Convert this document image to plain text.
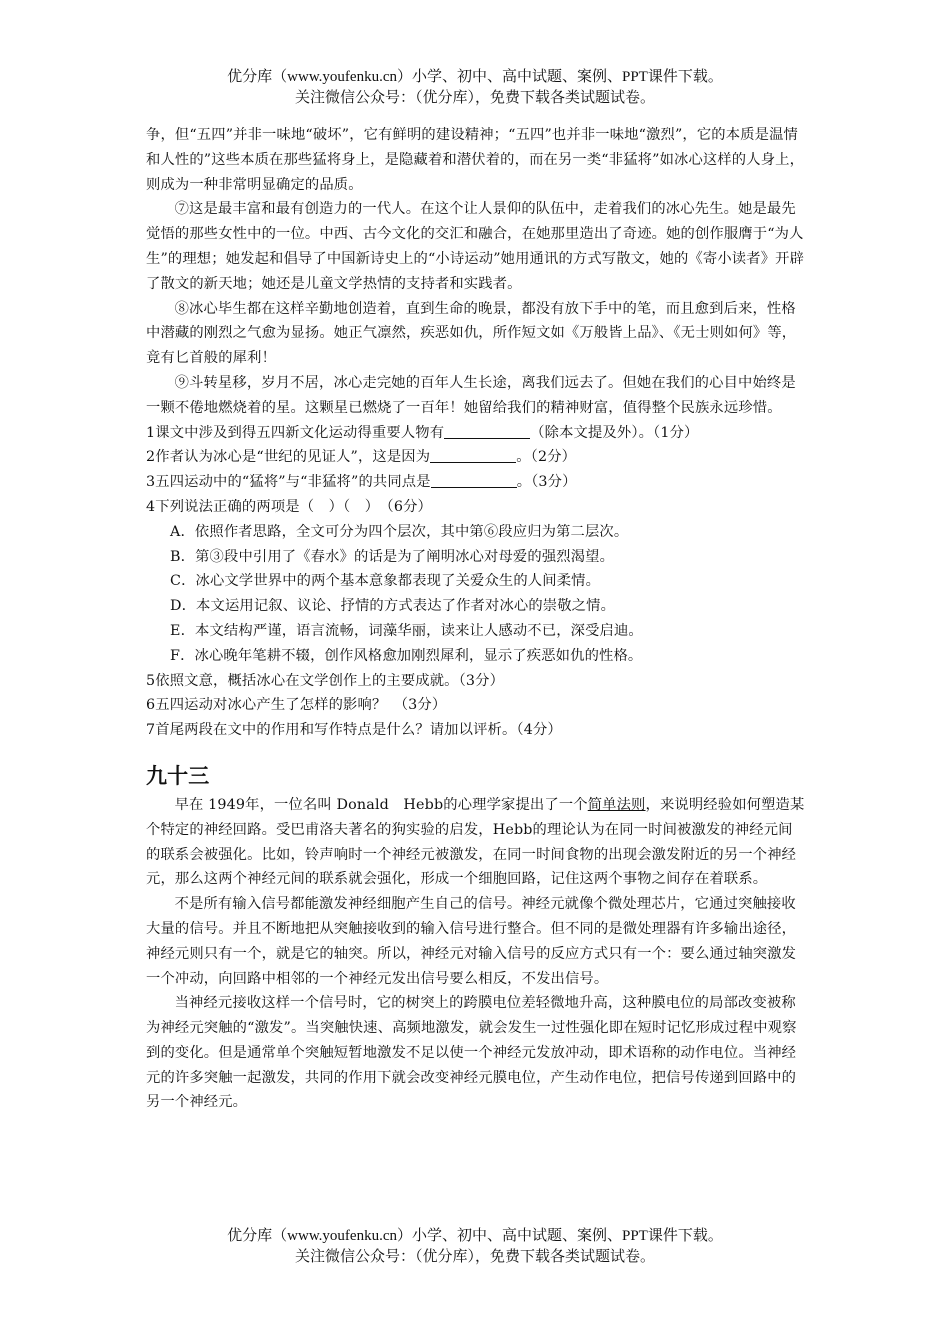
优分库（www.youfenku.cn）小学、初中、高中试题、案例、PPT课件下载。
关注微信公众号：（优分库），免费下载各类试题试卷。

争，但“五四”并非一味地“破坏”，它有鲜明的建设精神；“五四”也并非一味地“激烈”，它的本质是温情和人性的”这些本质在那些猛将身上，是隐藏着和潜伏着的，而在另一类“非猛将”如冰心这样的人身上，则成为一种非常明显确定的品质。

⑦这是最丰富和最有创造力的一代人。在这个让人景仰的队伍中，走着我们的冰心先生。她是最先觉悟的那些女性中的一位。中西、古今文化的交汇和融合，在她那里造出了奇迹。她的创作服膺于“为人生”的理想；她发起和倡导了中国新诗史上的“小诗运动”她用通讯的方式写散文，她的《寄小读者》开辟了散文的新天地；她还是儿童文学热情的支持者和实践者。

⑧冰心毕生都在这样辛勤地创造着，直到生命的晚景，都没有放下手中的笔，而且愈到后来，性格中潜藏的刚烈之气愈为显扬。她正气凛然，疾恶如仇，所作短文如《万般皆上品》、《无士则如何》等，竟有匕首般的犀利！

⑨斗转星移，岁月不居，冰心走完她的百年人生长途，离我们远去了。但她在我们的心目中始终是一颗不倦地燃烧着的星。这颗星已燃烧了一百年！她留给我们的精神财富，值得整个民族永远珍惜。

1课文中涉及到得五四新文化运动得重要人物有	（除本文提及外）。（1分）
2作者认为冰心是“世纪的见证人”，这是因为	。（2分）
3五四运动中的“猛将”与“非猛将”的共同点是	。（3分）
4下列说法正确的两项是（　）（　）　（6分）
A．依照作者思路，全文可分为四个层次，其中第⑥段应归为第二层次。
B．第③段中引用了《春水》的话是为了阐明冰心对母爱的强烈渴望。
C．冰心文学世界中的两个基本意象都表现了关爱众生的人间柔情。
D．本文运用记叙、议论、抒情的方式表达了作者对冰心的崇敬之情。
E．本文结构严谨，语言流畅，词藻华丽，读来让人感动不已，深受启迪。
F．冰心晚年笔耕不辍，创作风格愈加刚烈犀利，显示了疾恶如仇的性格。
5依照文意，概括冰心在文学创作上的主要成就。（3分）
6五四运动对冰心产生了怎样的影响？　（3分）
7首尾两段在文中的作用和写作特点是什么？请加以评析。（4分）
九十三

早在 1949年，一位名叫 Donald　Hebb的心理学家提出了一个简单法则，来说明经验如何塑造某个特定的神经回路。受巴甫洛夫著名的狗实验的启发，Hebb的理论认为在同一时间被激发的神经元间的联系会被强化。比如，铃声响时一个神经元被激发，在同一时间食物的出现会激发附近的另一个神经元，那么这两个神经元间的联系就会强化，形成一个细胞回路，记住这两个事物之间存在着联系。

不是所有输入信号都能激发神经细胞产生自己的信号。神经元就像个微处理芯片，它通过突触接收大量的信号。并且不断地把从突触接收到的输入信号进行整合。但不同的是微处理器有许多输出途径，神经元则只有一个，就是它的轴突。所以，神经元对输入信号的反应方式只有一个：要么通过轴突激发一个冲动，向回路中相邻的一个神经元发出信号要么相反，不发出信号。

当神经元接收这样一个信号时，它的树突上的跨膜电位差轻微地升高，这种膜电位的局部改变被称为神经元突触的“激发”。当突触快速、高频地激发，就会发生一过性强化即在短时记忆形成过程中观察到的变化。但是通常单个突触短暂地激发不足以使一个神经元发放冲动，即术语称的动作电位。当神经元的许多突触一起激发，共同的作用下就会改变神经元膜电位，产生动作电位，把信号传递到回路中的另一个神经元。

优分库（www.youfenku.cn）小学、初中、高中试题、案例、PPT课件下载。
关注微信公众号：（优分库），免费下载各类试题试卷。
